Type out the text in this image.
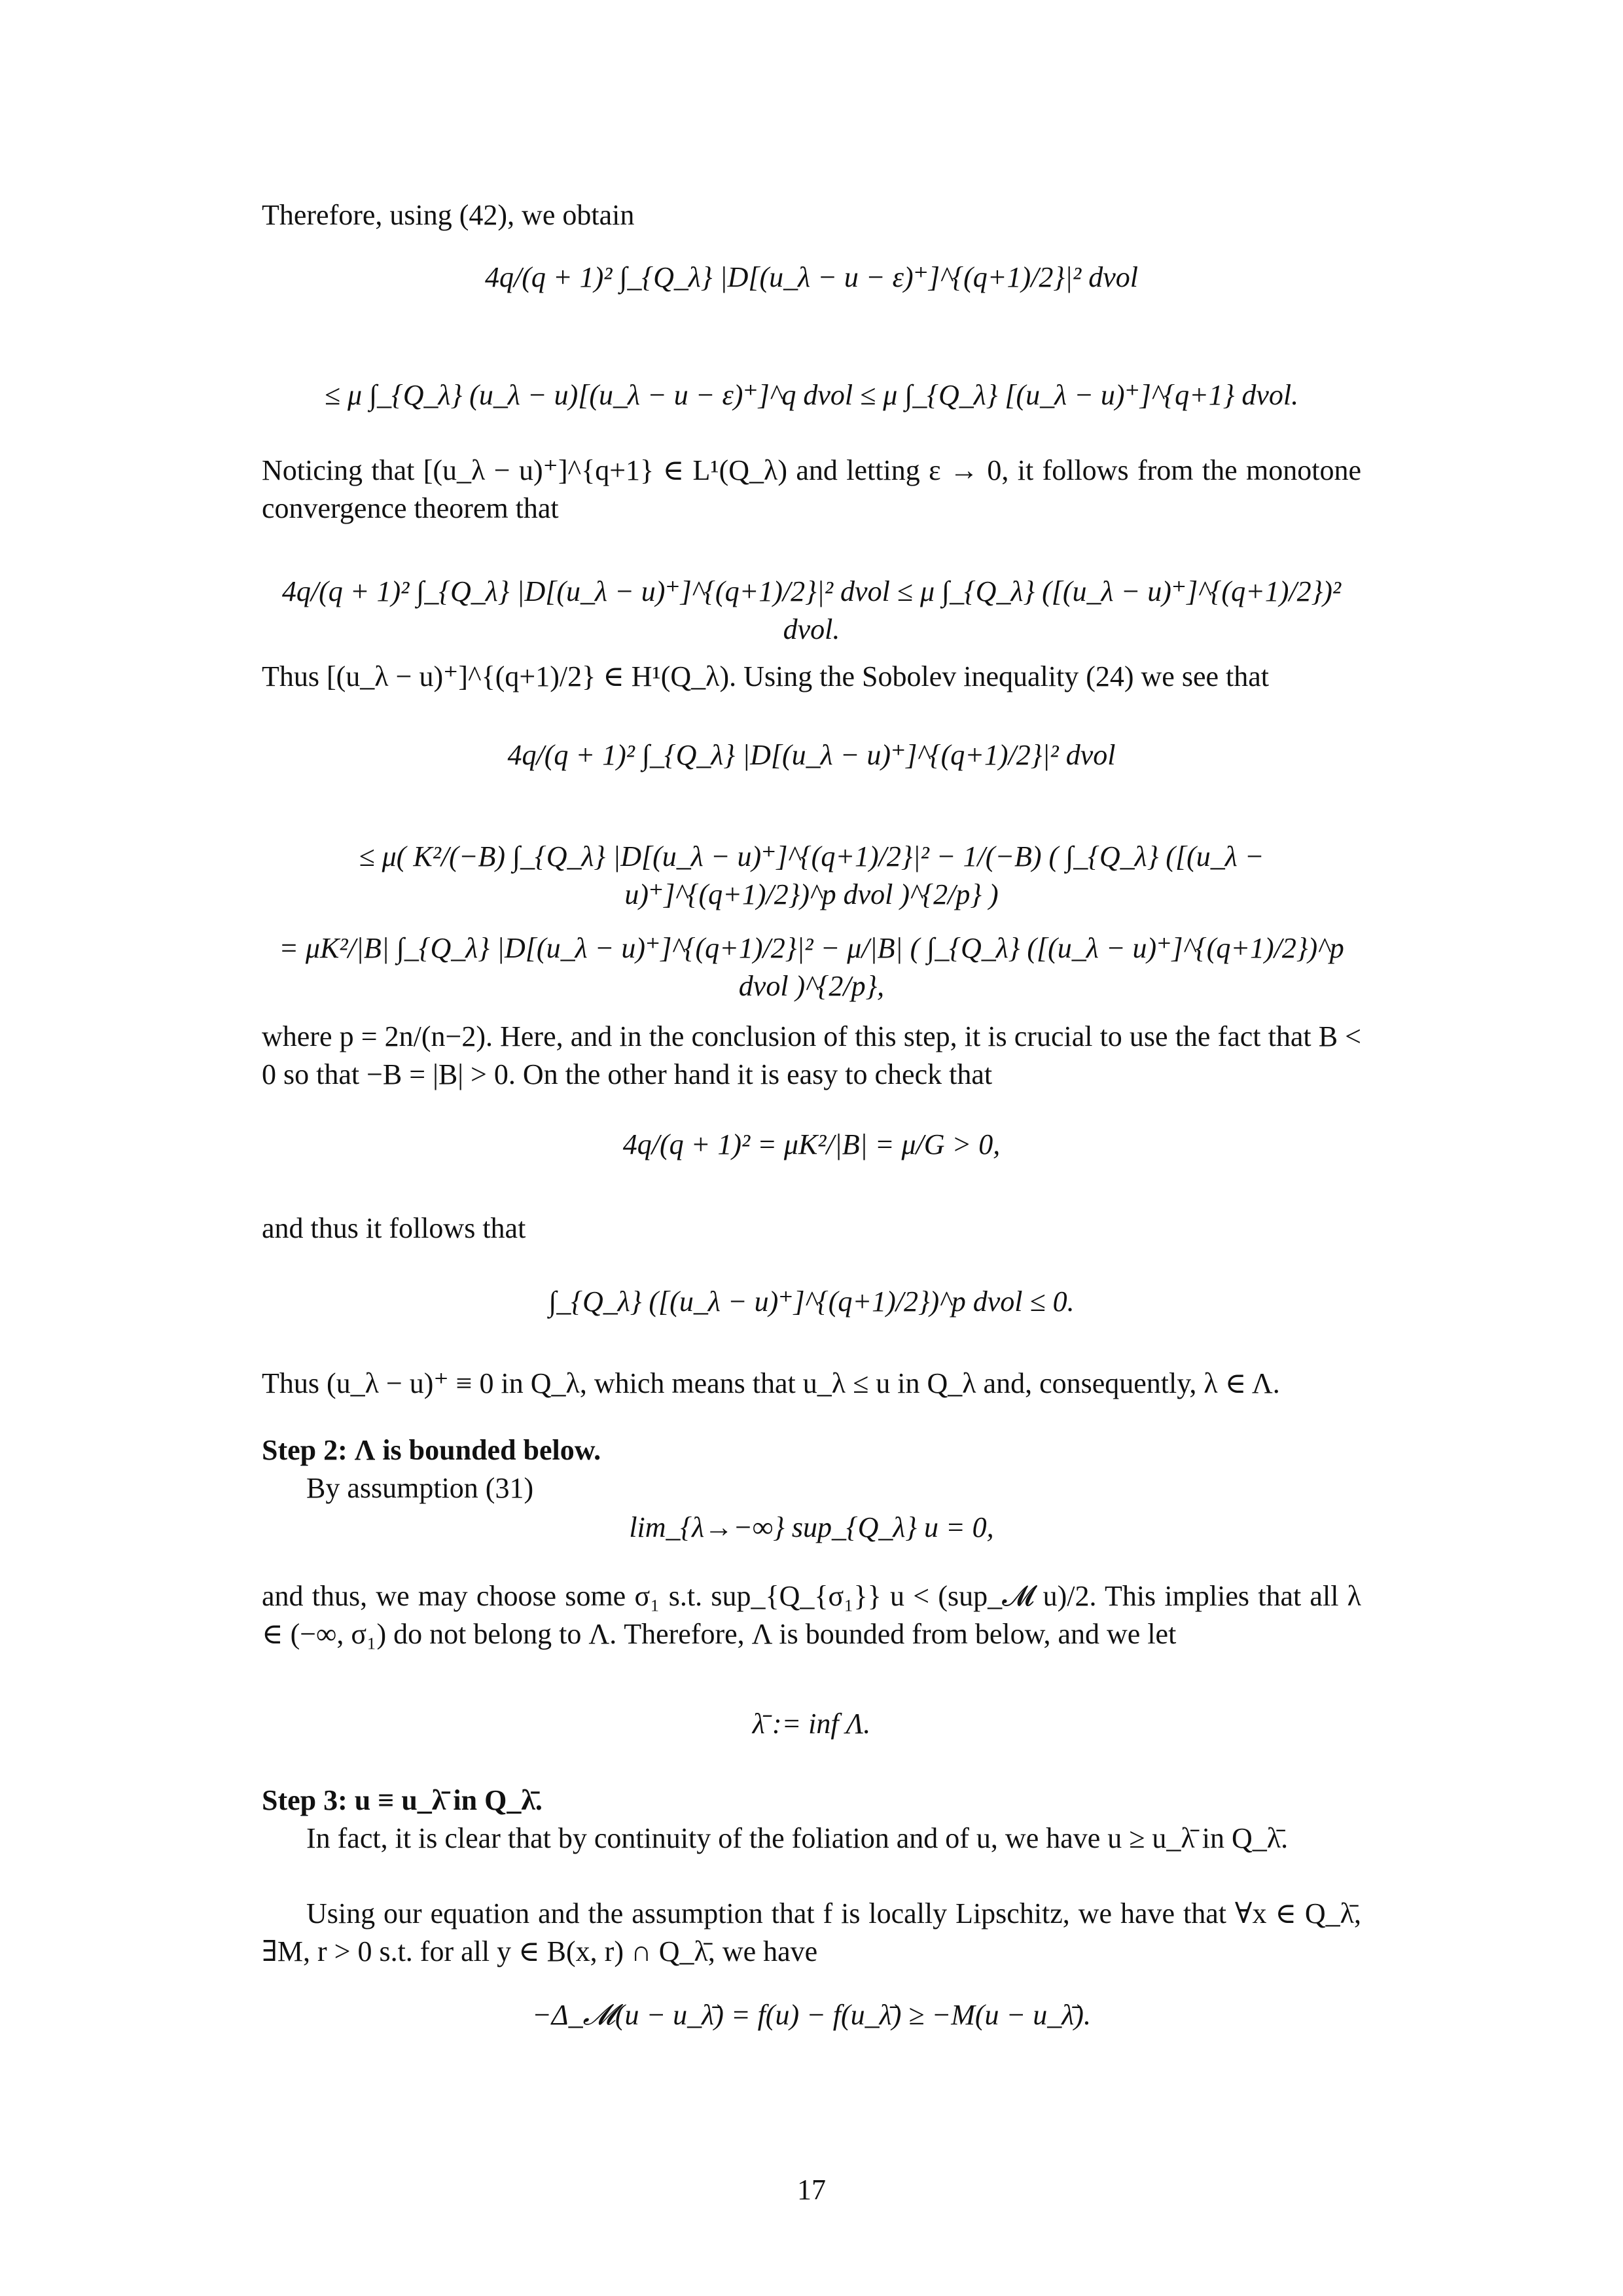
Therefore, using (42), we obtain
4q/(q + 1)² ∫_{Q_λ} |D[(u_λ − u − ε)⁺]^{(q+1)/2}|² dvol
≤ μ ∫_{Q_λ} (u_λ − u)[(u_λ − u − ε)⁺]^q dvol ≤ μ ∫_{Q_λ} [(u_λ − u)⁺]^{q+1} dvol.
Noticing that [(u_λ − u)⁺]^{q+1} ∈ L¹(Q_λ) and letting ε → 0, it follows from the monotone convergence theorem that
4q/(q + 1)² ∫_{Q_λ} |D[(u_λ − u)⁺]^{(q+1)/2}|² dvol ≤ μ ∫_{Q_λ} ([(u_λ − u)⁺]^{(q+1)/2})² dvol.
Thus [(u_λ − u)⁺]^{(q+1)/2} ∈ H¹(Q_λ). Using the Sobolev inequality (24) we see that
4q/(q + 1)² ∫_{Q_λ} |D[(u_λ − u)⁺]^{(q+1)/2}|² dvol
≤ μ( K²/(−B) ∫_{Q_λ} |D[(u_λ − u)⁺]^{(q+1)/2}|² − 1/(−B) ( ∫_{Q_λ} ([(u_λ − u)⁺]^{(q+1)/2})^p dvol )^{2/p} )
= μK²/|B| ∫_{Q_λ} |D[(u_λ − u)⁺]^{(q+1)/2}|² − μ/|B| ( ∫_{Q_λ} ([(u_λ − u)⁺]^{(q+1)/2})^p dvol )^{2/p},
where p = 2n/(n−2). Here, and in the conclusion of this step, it is crucial to use the fact that B < 0 so that −B = |B| > 0. On the other hand it is easy to check that
4q/(q + 1)² = μK²/|B| = μ/G > 0,
and thus it follows that
∫_{Q_λ} ([(u_λ − u)⁺]^{(q+1)/2})^p dvol ≤ 0.
Thus (u_λ − u)⁺ ≡ 0 in Q_λ, which means that u_λ ≤ u in Q_λ and, consequently, λ ∈ Λ.
Step 2: Λ is bounded below.
By assumption (31)
lim_{λ→−∞} sup_{Q_λ} u = 0,
and thus, we may choose some σ₁ s.t. sup_{Q_{σ₁}} u < (sup_𝓜 u)/2. This implies that all λ ∈ (−∞, σ₁) do not belong to Λ. Therefore, Λ is bounded from below, and we let
λ̄ := inf Λ.
Step 3: u ≡ u_λ̄ in Q_λ̄.
In fact, it is clear that by continuity of the foliation and of u, we have u ≥ u_λ̄ in Q_λ̄.
Using our equation and the assumption that f is locally Lipschitz, we have that ∀x ∈ Q_λ̄, ∃M, r > 0 s.t. for all y ∈ B(x, r) ∩ Q_λ̄, we have
−Δ_𝓜(u − u_λ̄) = f(u) − f(u_λ̄) ≥ −M(u − u_λ̄).
17
